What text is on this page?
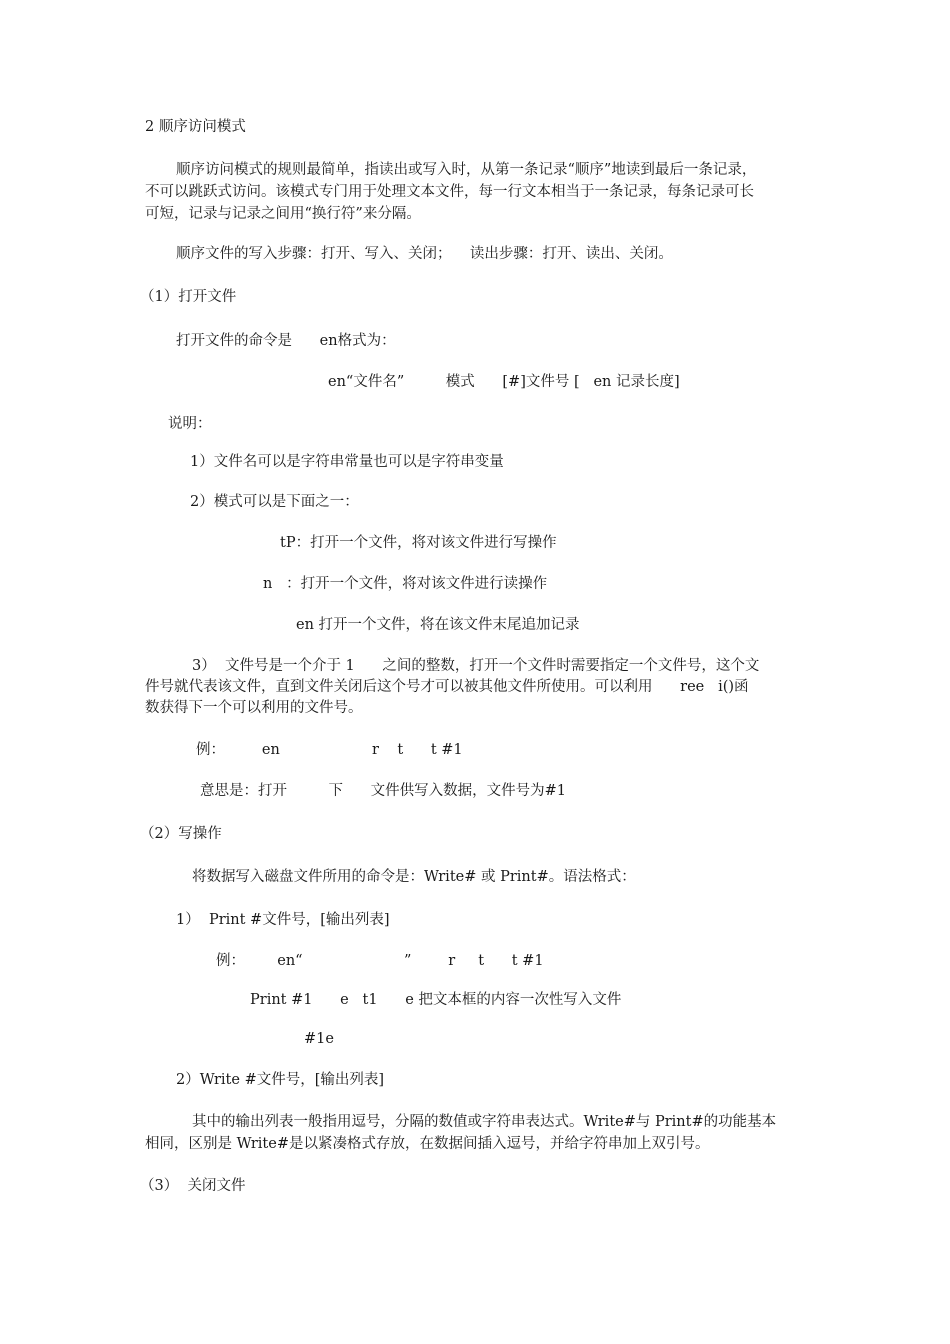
2 顺序访问模式
顺序访问模式的规则最简单，指读出或写入时，从第一条记录“顺序”地读到最后一条记录，
不可以跳跃式访问。该模式专门用于处理文本文件，每一行文本相当于一条记录，每条记录可长
可短，记录与记录之间用“换行符”来分隔。
顺序文件的写入步骤：打开、写入、关闭；    读出步骤：打开、读出、关闭。
（1）打开文件
打开文件的命令是      en格式为：
en“文件名”         模式      [#]文件号 [   en 记录长度]
说明：
1）文件名可以是字符串常量也可以是字符串变量
2）模式可以是下面之一：
tP：打开一个文件，将对该文件进行写操作
n   ：打开一个文件，将对该文件进行读操作
en 打开一个文件，将在该文件末尾追加记录
3）  文件号是一个介于 1      之间的整数，打开一个文件时需要指定一个文件号，这个文
件号就代表该文件，直到文件关闭后这个号才可以被其他文件所使用。可以利用      ree   i()函
数获得下一个可以利用的文件号。
例：        en                    r    t      t #1
意思是：打开         下      文件供写入数据，文件号为#1
（2）写操作
将数据写入磁盘文件所用的命令是：Write# 或 Print#。语法格式：
1）  Print #文件号，[输出列表]
例：       en“                      ”        r     t      t #1
Print #1      e   t1      e 把文本框的内容一次性写入文件
#1e
2）Write #文件号，[输出列表]
其中的输出列表一般指用逗号，分隔的数值或字符串表达式。Write#与 Print#的功能基本
相同，区别是 Write#是以紧凑格式存放，在数据间插入逗号，并给字符串加上双引号。
（3）  关闭文件
